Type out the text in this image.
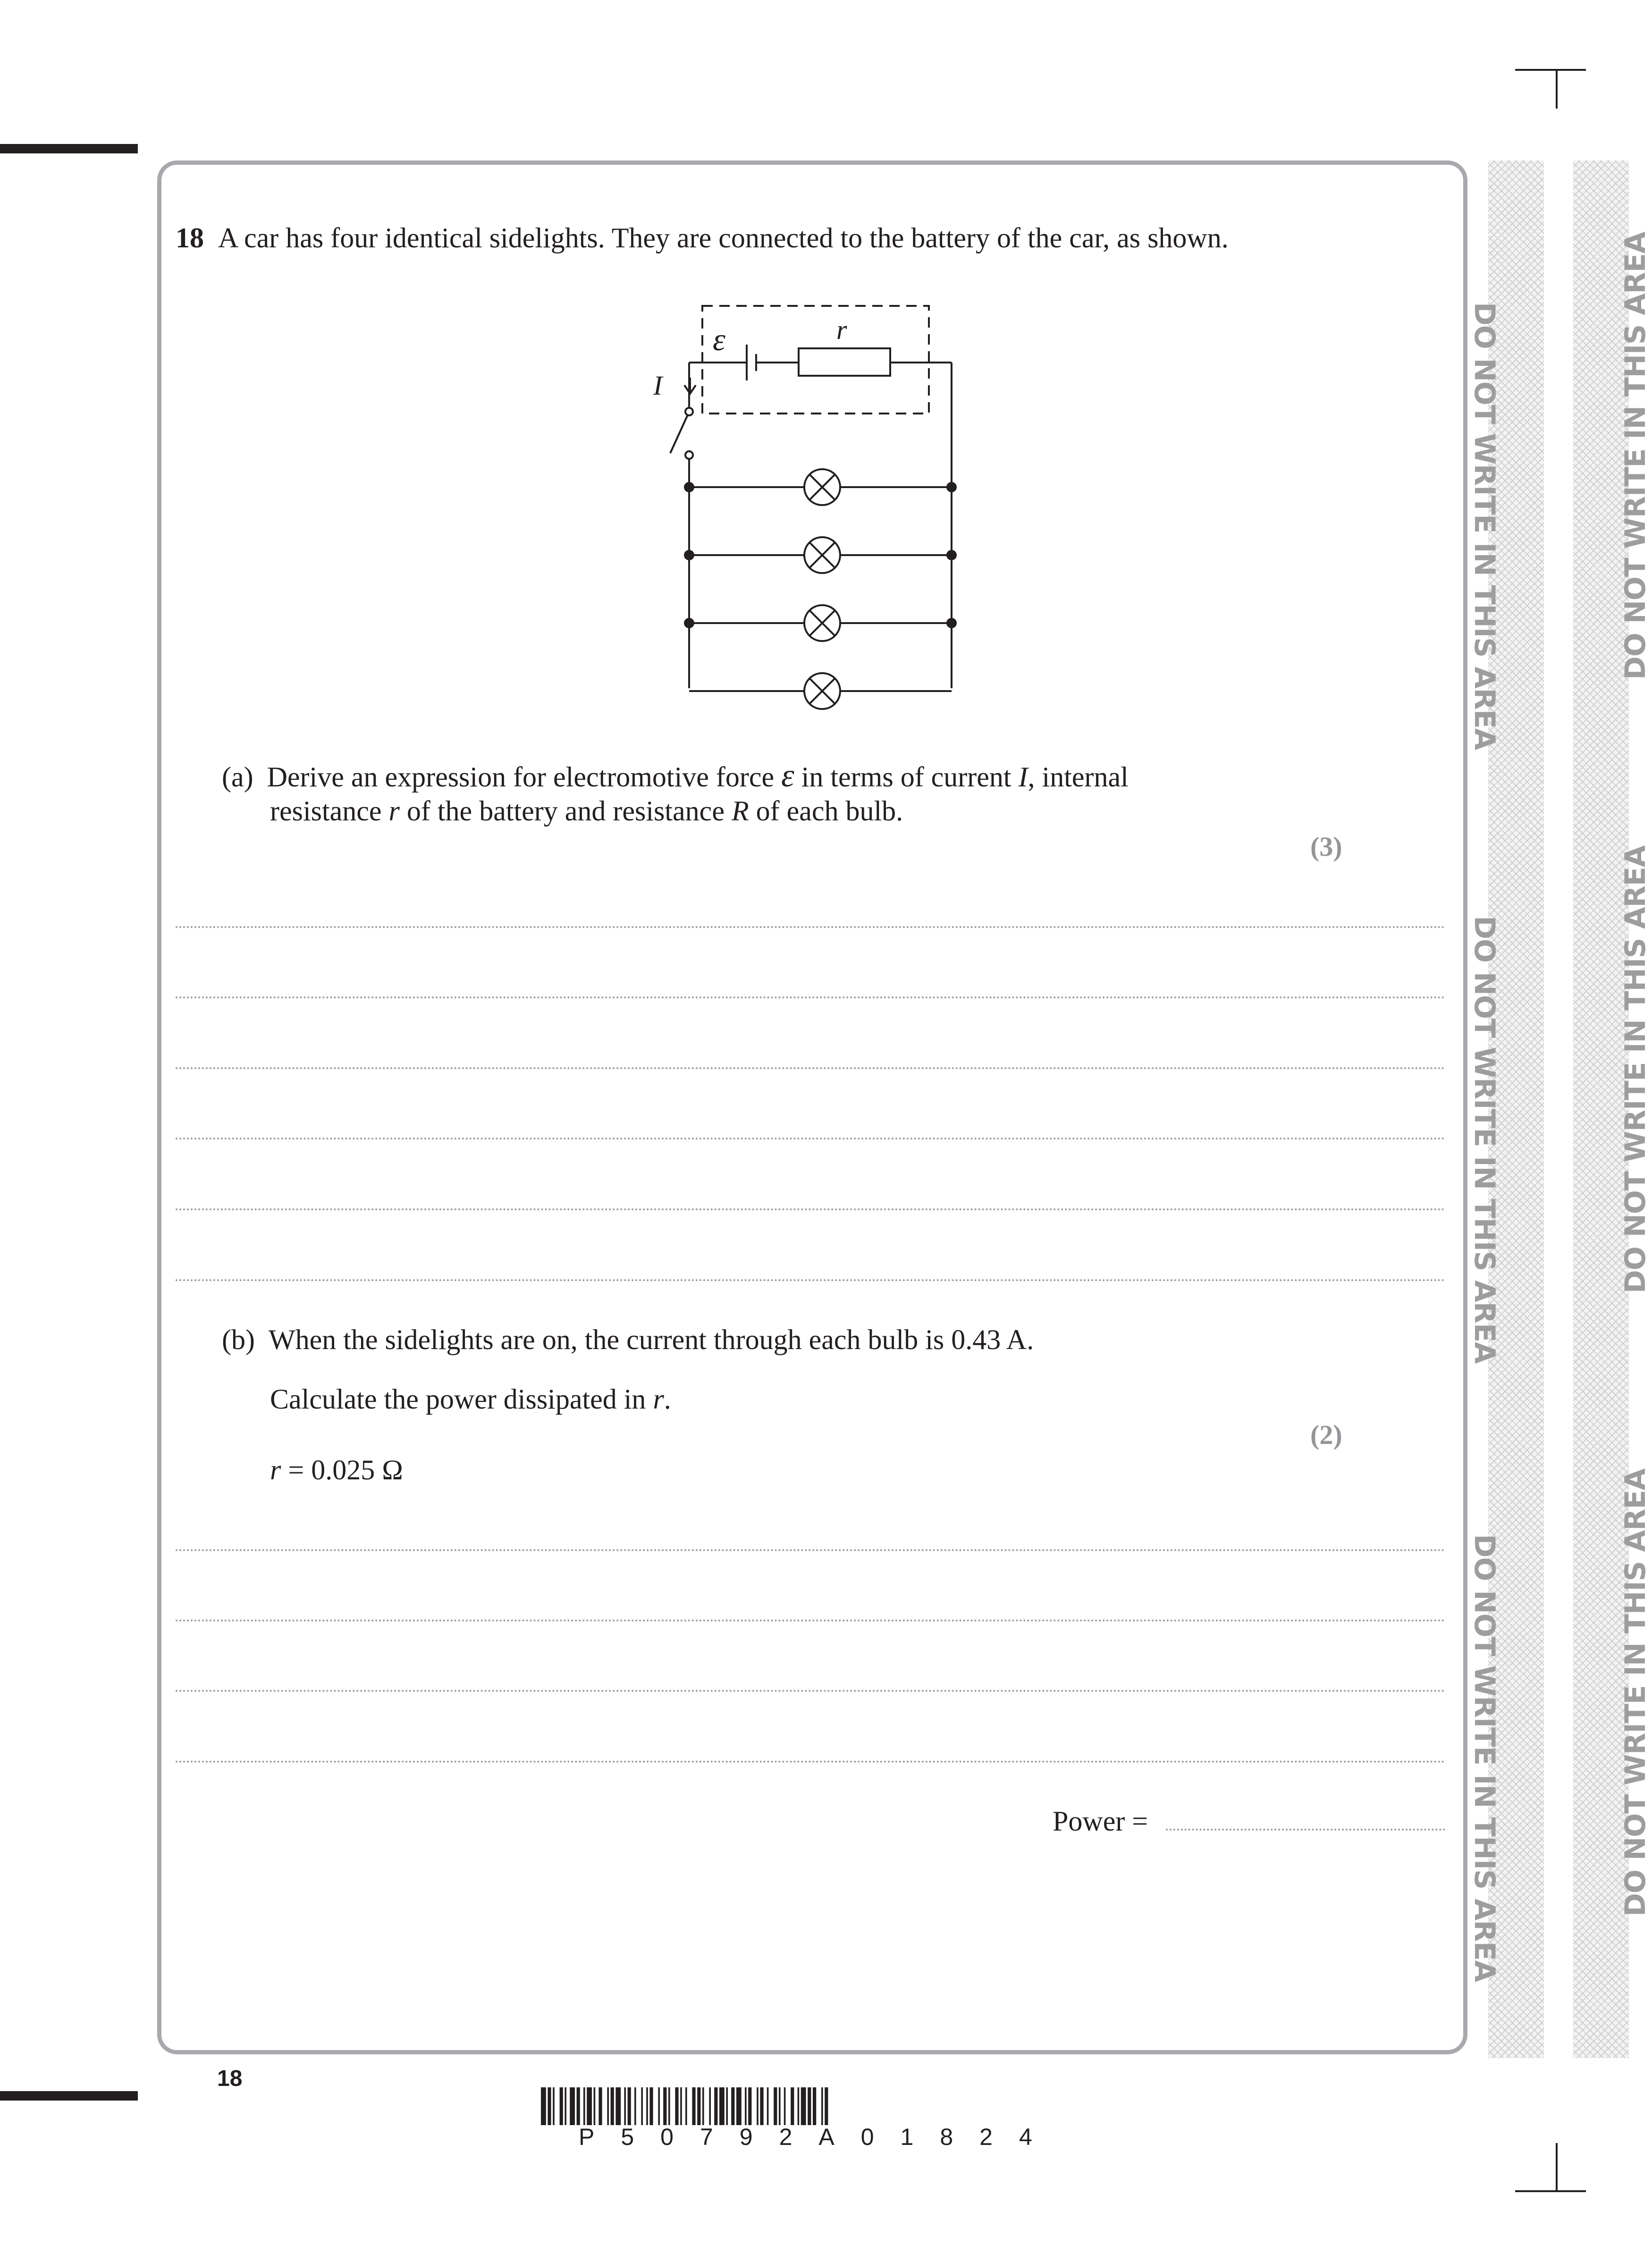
DO NOT WRITE IN THIS AREA
DO NOT WRITE IN THIS AREA
DO NOT WRITE IN THIS AREA
DO NOT WRITE IN THIS AREA
DO NOT WRITE IN THIS AREA
DO NOT WRITE IN THIS AREA
18 A car has four identical sidelights. They are connected to the battery of the car, as shown.
ε	r
I
(a) Derive an expression for electromotive force ε in terms of current I, internal
resistance r of the battery and resistance R of each bulb.
(3)
(b) When the sidelights are on, the current through each bulb is 0.43 A.
Calculate the power dissipated in r.
(2)
r = 0.025 Ω
Power =
18
P50792A01824
